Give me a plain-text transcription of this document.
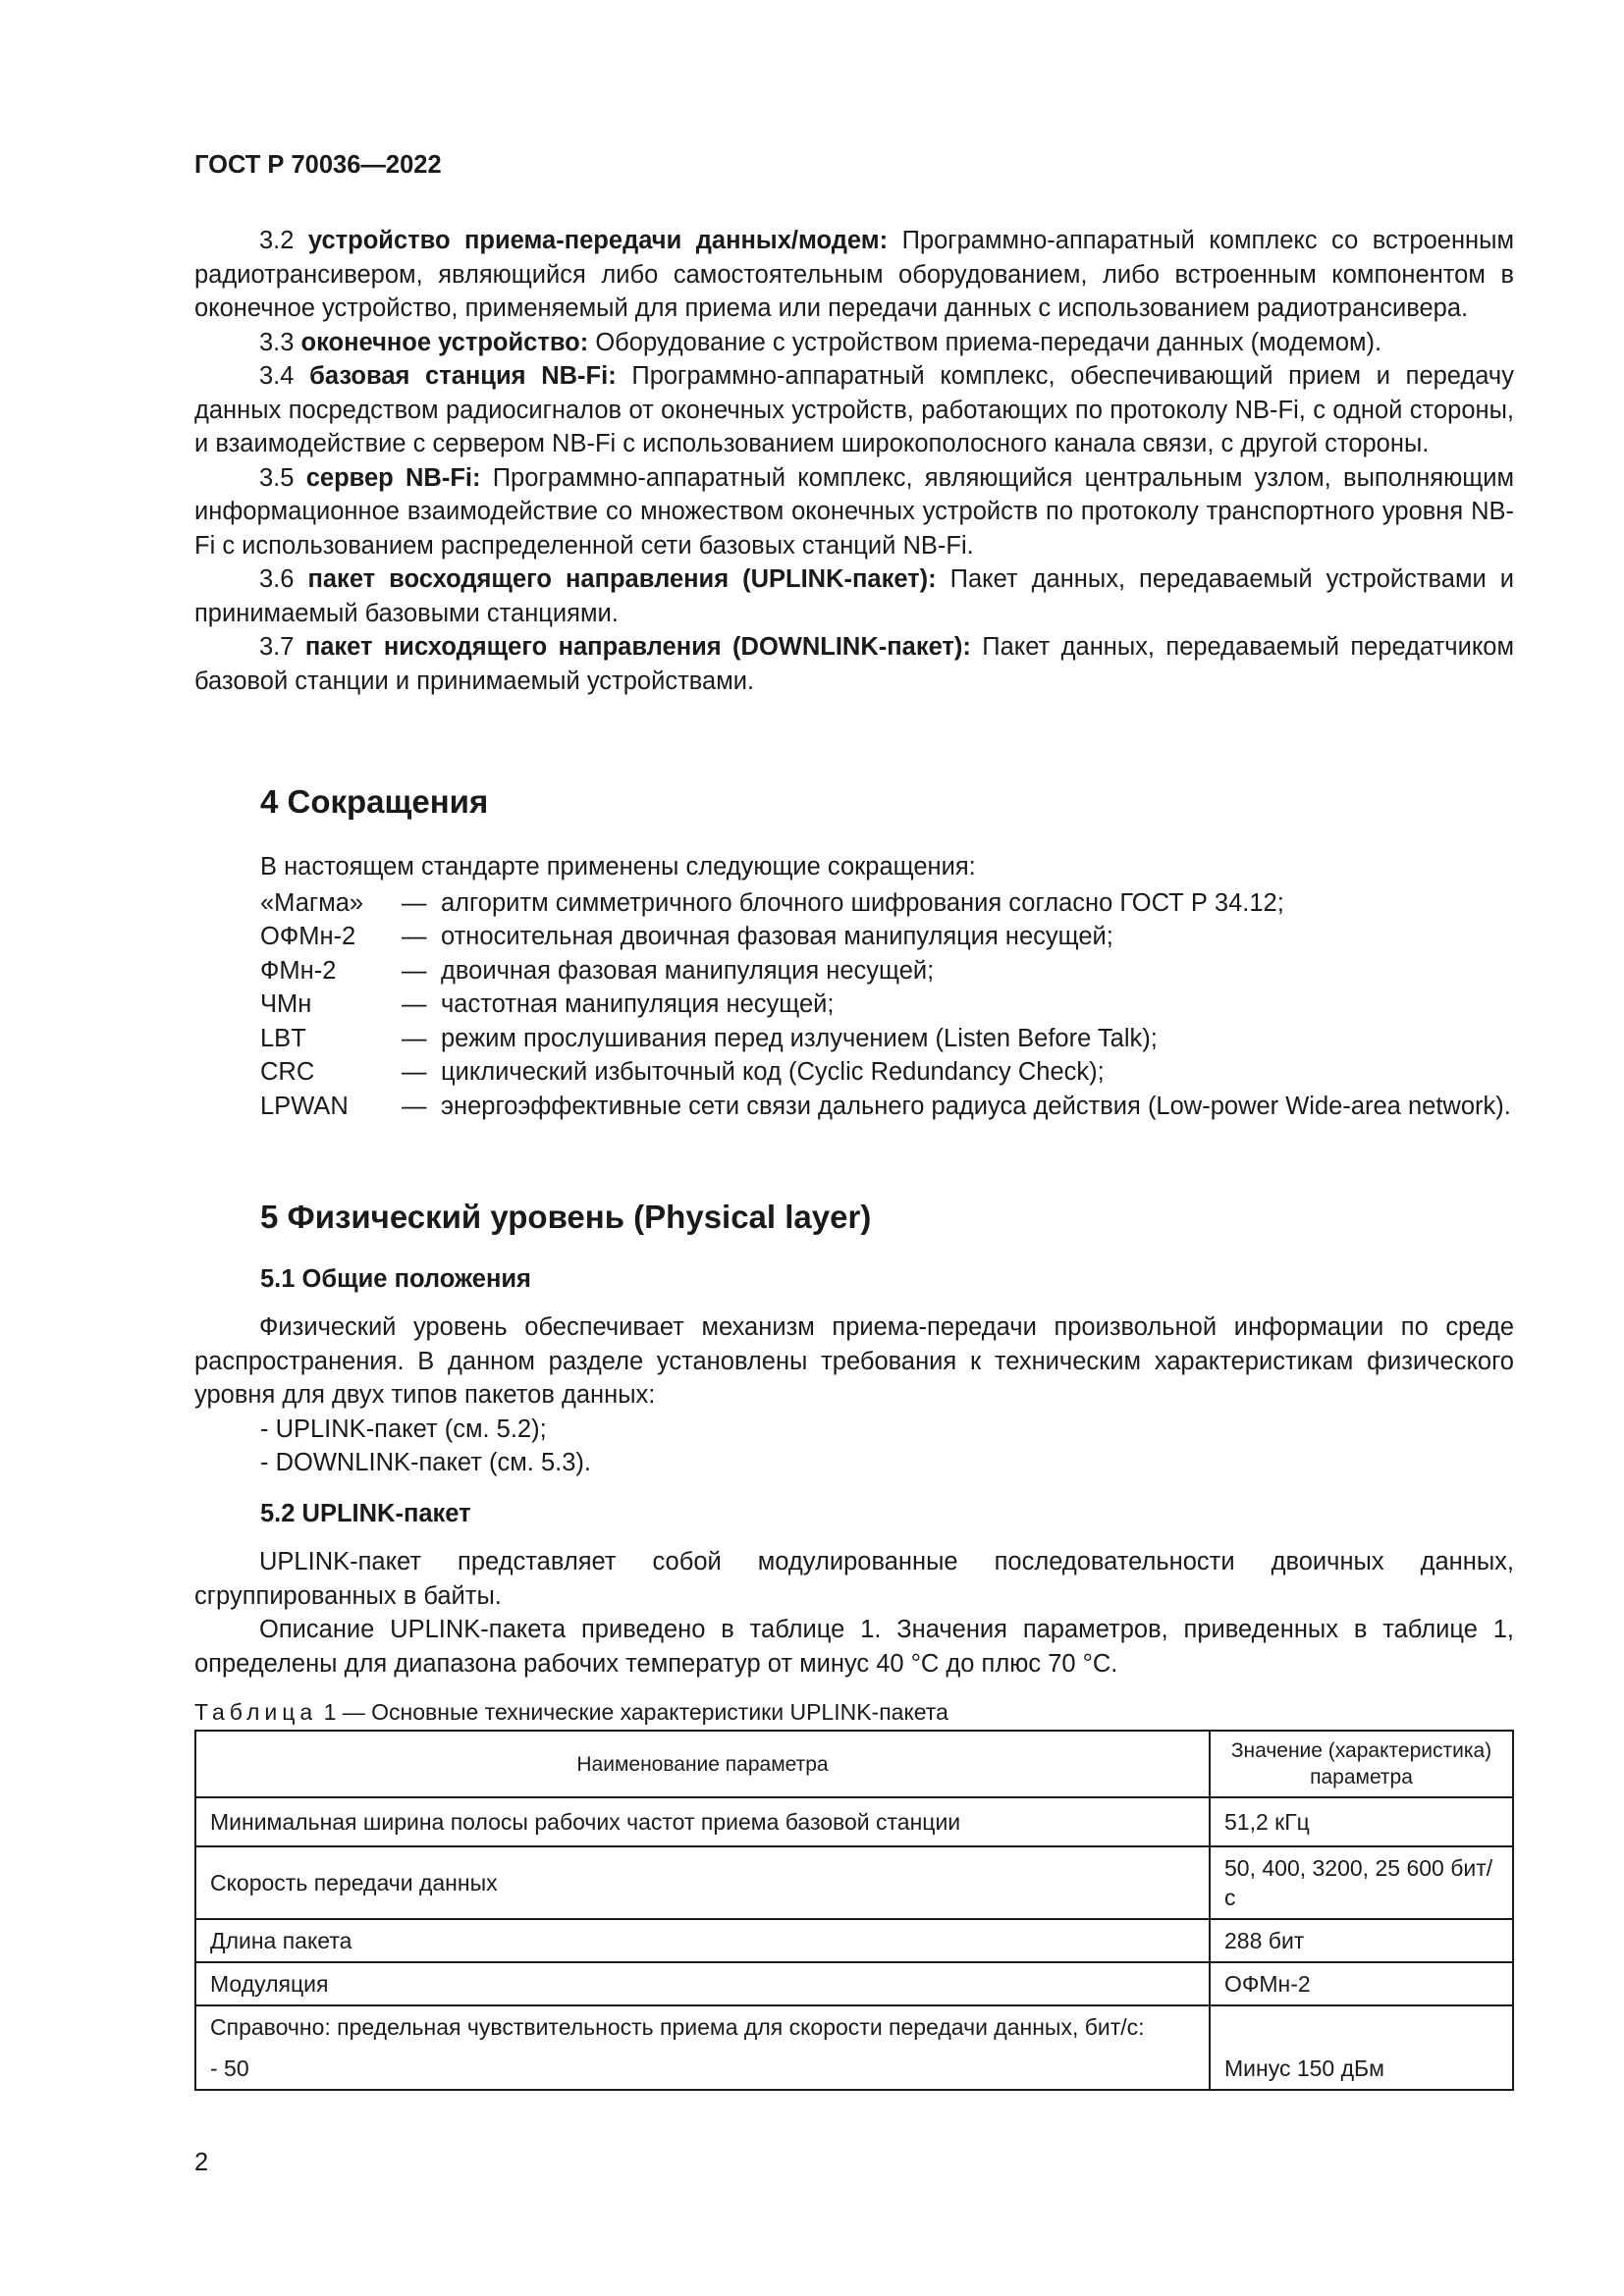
ГОСТ Р 70036—2022

3.2 устройство приема-передачи данных/модем: Программно-аппаратный комплекс со встроенным радиотрансивером, являющийся либо самостоятельным оборудованием, либо встроенным компонентом в оконечное устройство, применяемый для приема или передачи данных с использованием радиотрансивера.

3.3 оконечное устройство: Оборудование с устройством приема-передачи данных (модемом).

3.4 базовая станция NB-Fi: Программно-аппаратный комплекс, обеспечивающий прием и передачу данных посредством радиосигналов от оконечных устройств, работающих по протоколу NB-Fi, с одной стороны, и взаимодействие с сервером NB-Fi с использованием широкополосного канала связи, с другой стороны.

3.5 сервер NB-Fi: Программно-аппаратный комплекс, являющийся центральным узлом, выполняющим информационное взаимодействие со множеством оконечных устройств по протоколу транспортного уровня NB-Fi с использованием распределенной сети базовых станций NB-Fi.

3.6 пакет восходящего направления (UPLINK-пакет): Пакет данных, передаваемый устройствами и принимаемый базовыми станциями.

3.7 пакет нисходящего направления (DOWNLINK-пакет): Пакет данных, передаваемый передатчиком базовой станции и принимаемый устройствами.

4 Сокращения

В настоящем стандарте применены следующие сокращения:

«Магма»	— алгоритм симметричного блочного шифрования согласно ГОСТ Р 34.12;
ОФМн-2	— относительная двоичная фазовая манипуляция несущей;
ФМн-2	— двоичная фазовая манипуляция несущей;
ЧМн	— частотная манипуляция несущей;
LBT	— режим прослушивания перед излучением (Listen Before Talk);
CRC	— циклический избыточный код (Cyclic Redundancy Check);
LPWAN	— энергоэффективные сети связи дальнего радиуса действия (Low-power Wide-area network).
5 Физический уровень (Physical layer)
5.1 Общие положения

Физический уровень обеспечивает механизм приема-передачи произвольной информации по среде распространения. В данном разделе установлены требования к техническим характеристикам физического уровня для двух типов пакетов данных:

- UPLINK-пакет (см. 5.2);

- DOWNLINK-пакет (см. 5.3).

5.2 UPLINK-пакет

UPLINK-пакет представляет собой модулированные последовательности двоичных данных, сгруппированных в байты.

Описание UPLINK-пакета приведено в таблице 1. Значения параметров, приведенных в таблице 1, определены для диапазона рабочих температур от минус 40 °С до плюс 70 °С.

Таблица 1 — Основные технические характеристики UPLINK-пакета
Наименование параметра	Значение (характеристика) параметра
Минимальная ширина полосы рабочих частот приема базовой станции	51,2 кГц
Скорость передачи данных	50, 400, 3200, 25 600 бит/с
Длина пакета	288 бит
Модуляция	ОФМн-2

Справочно: предельная чувствительность приема для скорости передачи данных, бит/с:
- 50	Минус 150 дБм
2
